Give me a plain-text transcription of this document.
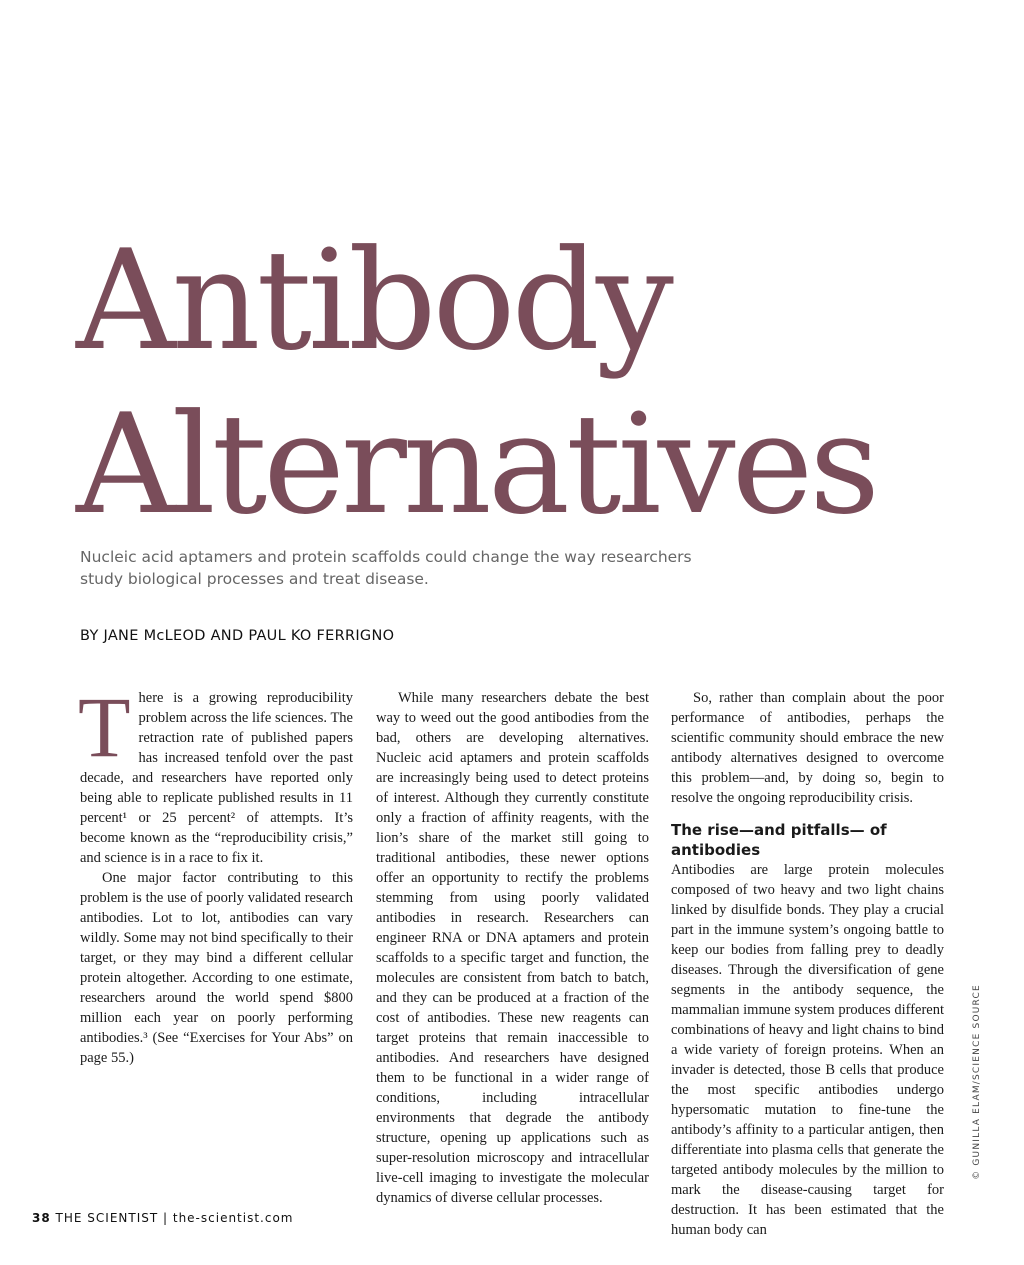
Antibody
Alternatives

Nucleic acid aptamers and protein scaffolds could change the way researchers study biological processes and treat disease.

BY JANE McLEOD AND PAUL KO FERRIGNO

T here is a growing reproducibility problem across the life sciences. The retraction rate of published papers has increased tenfold over the past decade, and researchers have reported only being able to replicate published results in 11 percent¹ or 25 percent² of attempts. It’s become known as the “reproducibility crisis,” and science is in a race to fix it.

One major factor contributing to this problem is the use of poorly validated research antibodies. Lot to lot, antibodies can vary wildly. Some may not bind specifically to their target, or they may bind a different cellular protein altogether. According to one estimate, researchers around the world spend $800 million each year on poorly performing antibodies.³ (See “Exercises for Your Abs” on page 55.)

While many researchers debate the best way to weed out the good antibodies from the bad, others are developing alternatives. Nucleic acid aptamers and protein scaffolds are increasingly being used to detect proteins of interest. Although they currently constitute only a fraction of affinity reagents, with the lion’s share of the market still going to traditional antibodies, these newer options offer an opportunity to rectify the problems stemming from using poorly validated antibodies in research. Researchers can engineer RNA or DNA aptamers and protein scaffolds to a specific target and function, the molecules are consistent from batch to batch, and they can be produced at a fraction of the cost of antibodies. These new reagents can target proteins that remain inaccessible to antibodies. And researchers have designed them to be functional in a wider range of conditions, including intracellular environments that degrade the antibody structure, opening up applications such as super-resolution microscopy and intracellular live-cell imaging to investigate the molecular dynamics of diverse cellular processes.

So, rather than complain about the poor performance of antibodies, perhaps the scientific community should embrace the new antibody alternatives designed to overcome this problem—and, by doing so, begin to resolve the ongoing reproducibility crisis.

The rise—and pitfalls— of antibodies

Antibodies are large protein molecules composed of two heavy and two light chains linked by disulfide bonds. They play a crucial part in the immune system’s ongoing battle to keep our bodies from falling prey to deadly diseases. Through the diversification of gene segments in the antibody sequence, the mammalian immune system produces different combinations of heavy and light chains to bind a wide variety of foreign proteins. When an invader is detected, those B cells that produce the most specific antibodies undergo hypersomatic mutation to fine-tune the antibody’s affinity to a particular antigen, then differentiate into plasma cells that generate the targeted antibody molecules by the million to mark the disease-causing target for destruction. It has been estimated that the human body can

38 THE SCIENTIST | the-scientist.com
© GUNILLA ELAM/SCIENCE SOURCE
